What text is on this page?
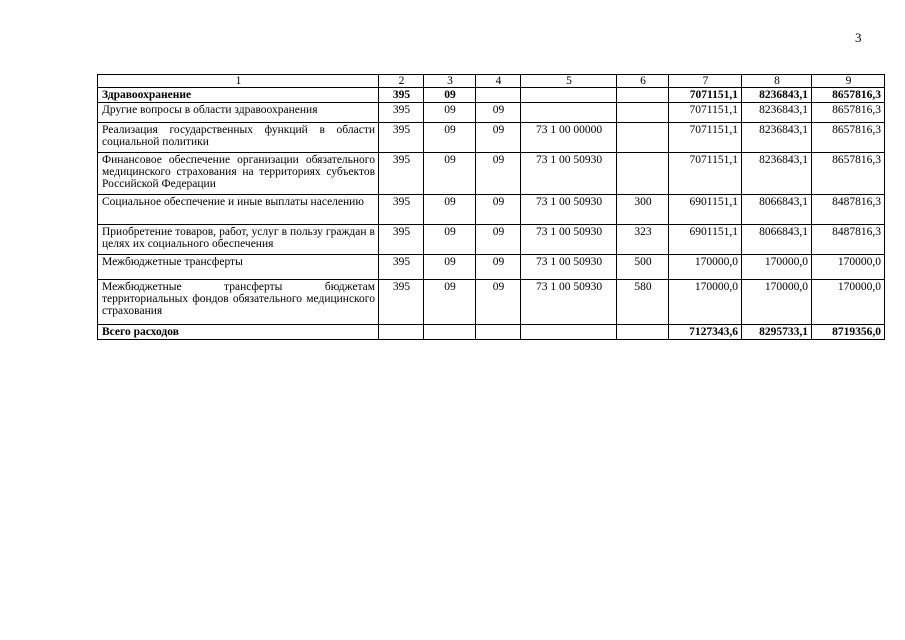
3
1	2	3	4	5	6	7	8	9
Здравоохранение	395	09				7071151,1	8236843,1	8657816,3
Другие вопросы в области здравоохранения	395	09	09			7071151,1	8236843,1	8657816,3
Реализация государственных функций в области социальной политики	395	09	09	73 1 00 00000		7071151,1	8236843,1	8657816,3
Финансовое обеспечение организации обязательного медицинского страхования на территориях субъектов Российской Федерации	395	09	09	73 1 00 50930		7071151,1	8236843,1	8657816,3
Социальное обеспечение и иные выплаты населению	395	09	09	73 1 00 50930	300	6901151,1	8066843,1	8487816,3
Приобретение товаров, работ, услуг в пользу граждан в целях их социального обеспечения	395	09	09	73 1 00 50930	323	6901151,1	8066843,1	8487816,3
Межбюджетные трансферты	395	09	09	73 1 00 50930	500	170000,0	170000,0	170000,0
Межбюджетные трансферты бюджетам территориальных фондов обязательного медицинского страхования	395	09	09	73 1 00 50930	580	170000,0	170000,0	170000,0
Всего расходов						7127343,6	8295733,1	8719356,0
